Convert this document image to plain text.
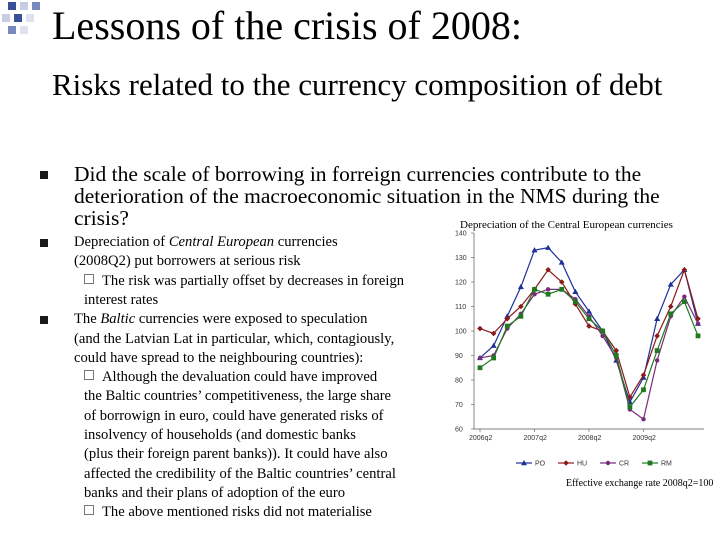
Lessons of the crisis of 2008:
Risks related to the currency composition of debt
Did the scale of borrowing in forreign currencies contribute to the deterioration of the macroeconomic situation in the NMS during the crisis?
Depreciation of Central European currencies
(2008Q2) put borrowers at serious risk
The risk was partially offset by decreases in foreign
interest rates
The Baltic currencies were exposed to speculation
(and the Latvian Lat in particular, which, contagiously,
could have spread to the neighbouring countries):
Although the devaluation could have improved
the Baltic countries’ competitiveness, the large share
of borrowign in euro, could have generated risks of
insolvency of households (and domestic banks
(plus their foreign parent banks)). It could have also
affected the credibility of the Baltic countries’ central
banks and their plans of adoption of the euro
The above mentioned risks did not materialise
Depreciation of the Central European currencies
Effective exchange rate 2008q2=100
140
130
120
110
100
90
80
70
60
2006q2	2007q2	2008q2	2009q2
PO	HU	CR	RM
